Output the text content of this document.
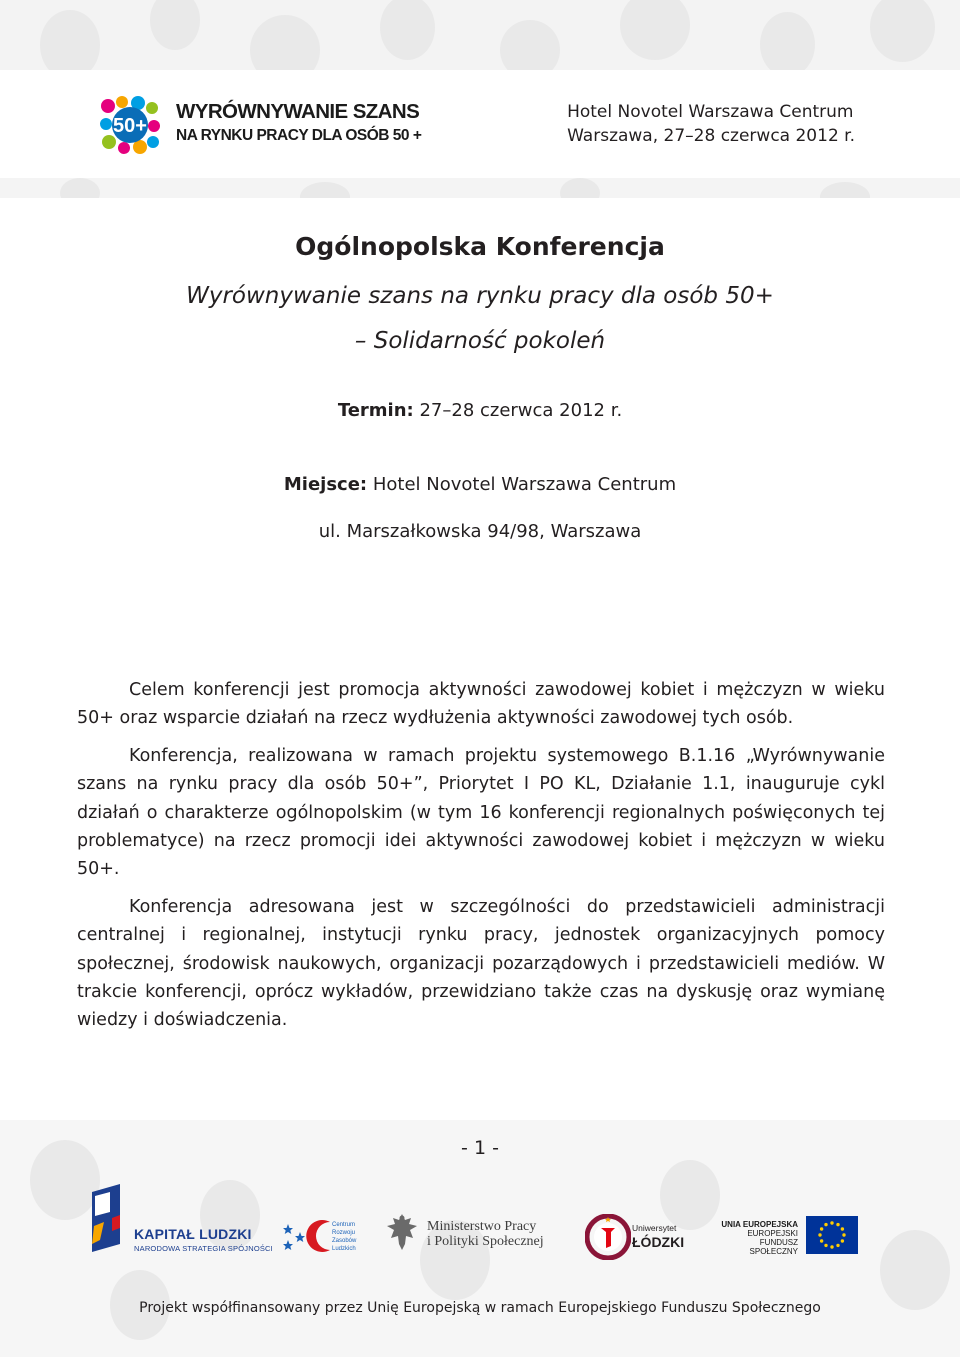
50+
WYRÓWNYWANIE SZANS
NA RYNKU PRACY DLA OSÓB 50 +
Hotel Novotel Warszawa Centrum
Warszawa, 27–28 czerwca 2012 r.
Ogólnopolska Konferencja
Wyrównywanie szans na rynku pracy dla osób 50+
– Solidarność pokoleń
Termin: 27–28 czerwca 2012 r.
Miejsce: Hotel Novotel Warszawa Centrum
ul. Marszałkowska 94/98, Warszawa
Celem konferencji jest promocja aktywności zawodowej kobiet i mężczyzn w wieku 50+ oraz wsparcie działań na rzecz wydłużenia aktywności zawodowej tych osób.
Konferencja, realizowana w ramach projektu systemowego B.1.16 „Wyrównywanie szans na rynku pracy dla osób 50+”, Priorytet I PO KL, Działanie 1.1, inauguruje cykl działań o charakterze ogólnopolskim (w tym 16 konferencji regionalnych poświęconych tej problematyce) na rzecz promocji idei aktywności zawodowej kobiet i mężczyzn w wieku 50+.
Konferencja adresowana jest w szczególności do przedstawicieli administracji centralnej i regionalnej, instytucji rynku pracy, jednostek organizacyjnych pomocy społecznej, środowisk naukowych, organizacji pozarządowych i przedstawicieli mediów. W trakcie konferencji, oprócz wykładów, przewidziano także czas na dyskusję oraz wymianę wiedzy i doświadczenia.
- 1 -
KAPITAŁ LUDZKI
NARODOWA STRATEGIA SPÓJNOŚCI
Centrum
Rozwoju
Zasobów
Ludzkich
Ministerstwo Pracy
i Polityki Społecznej
Uniwersytet
ŁÓDZKI
UNIA EUROPEJSKA
EUROPEJSKI
FUNDUSZ SPOŁECZNY
Projekt współfinansowany przez Unię Europejską w ramach Europejskiego Funduszu Społecznego
